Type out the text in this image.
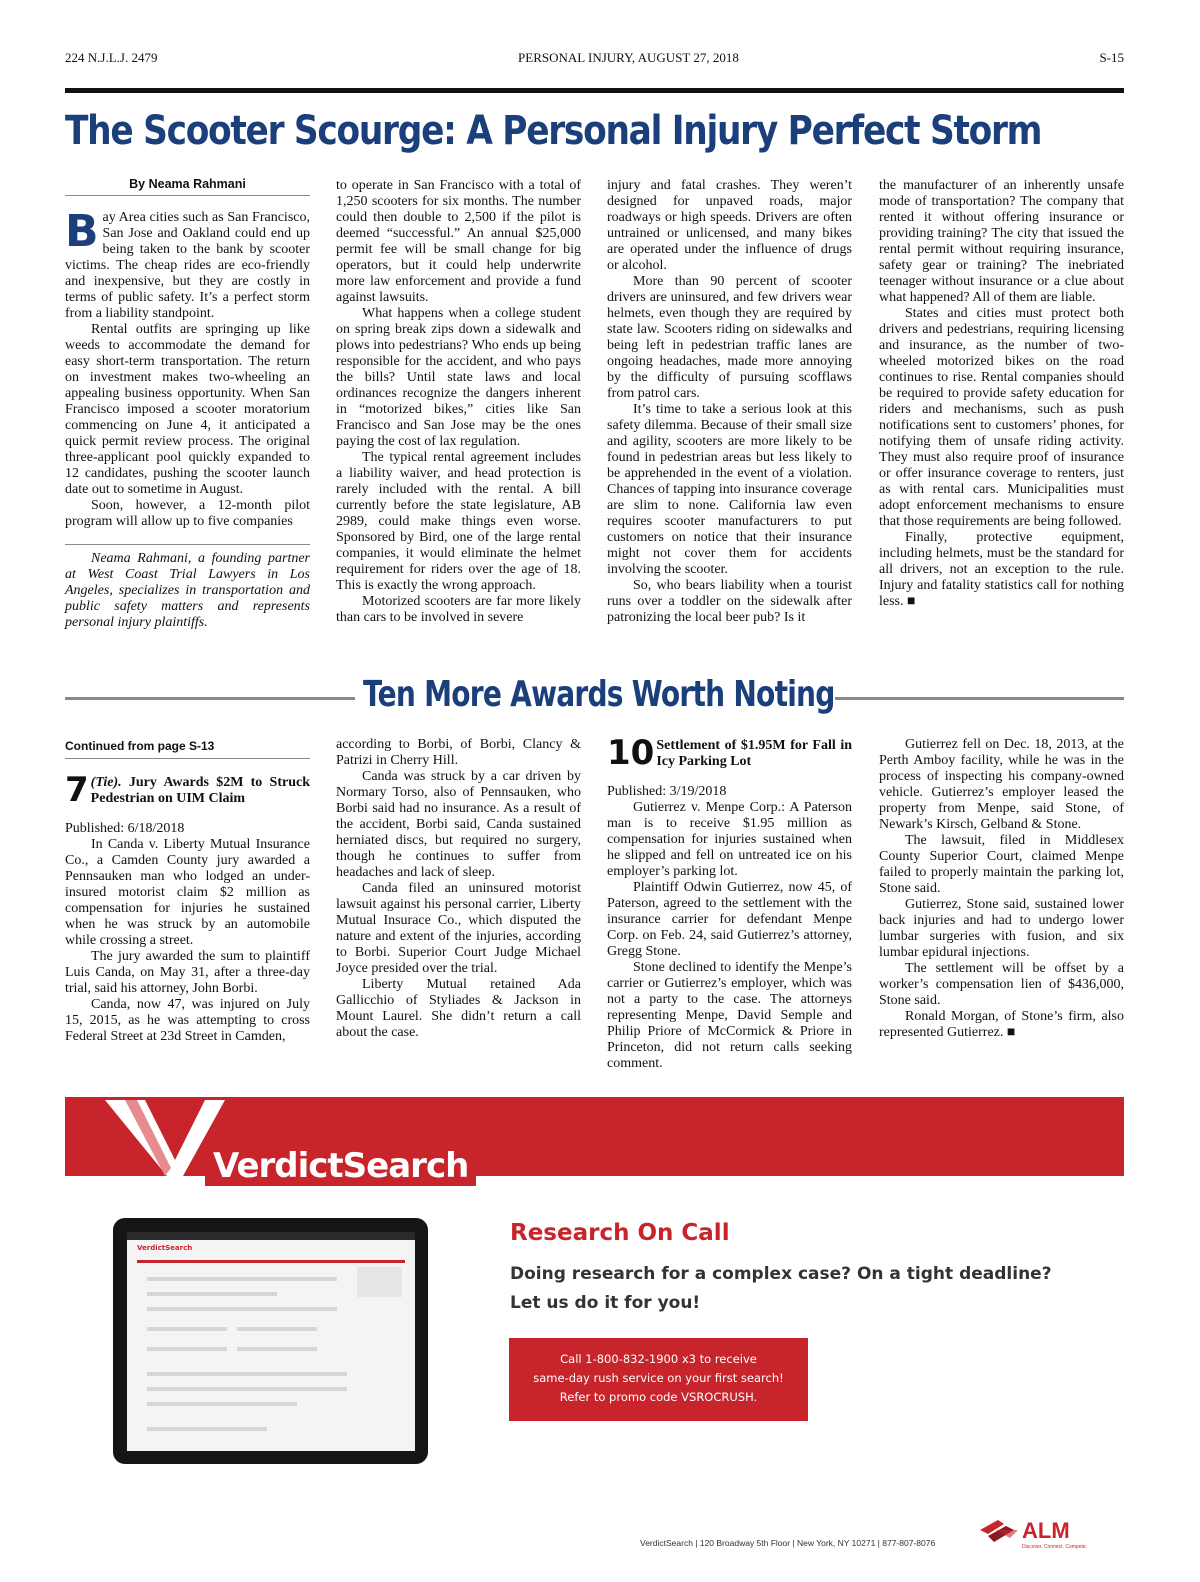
224 N.J.L.J. 2479	PERSONAL INJURY, AUGUST 27, 2018	S-15
The Scooter Scourge: A Personal Injury Perfect Storm
By Neama Rahmani
B ay Area cities such as San Francisco, San Jose and Oakland could end up being taken to the bank by scooter victims. The cheap rides are eco-friendly and inexpensive, but they are costly in terms of public safety. It’s a perfect storm from a liability standpoint.

Rental outfits are springing up like weeds to accommodate the demand for easy short-term transportation. The return on investment makes two-wheeling an appealing business opportunity. When San Francisco imposed a scooter moratorium commencing on June 4, it anticipated a quick permit review process. The original three-applicant pool quickly expanded to 12 candidates, pushing the scooter launch date out to sometime in August.

Soon, however, a 12-month pilot program will allow up to five companies

Neama Rahmani, a founding partner at West Coast Trial Lawyers in Los Angeles, specializes in transportation and public safety matters and represents personal injury plaintiffs.

to operate in San Francisco with a total of 1,250 scooters for six months. The number could then double to 2,500 if the pilot is deemed “successful.” An annual $25,000 permit fee will be small change for big operators, but it could help underwrite more law enforcement and provide a fund against lawsuits.

What happens when a college student on spring break zips down a sidewalk and plows into pedestrians? Who ends up being responsible for the accident, and who pays the bills? Until state laws and local ordinances recognize the dangers inherent in “motorized bikes,” cities like San Francisco and San Jose may be the ones paying the cost of lax regulation.

The typical rental agreement includes a liability waiver, and head protection is rarely included with the rental. A bill currently before the state legislature, AB 2989, could make things even worse. Sponsored by Bird, one of the large rental companies, it would eliminate the helmet requirement for riders over the age of 18. This is exactly the wrong approach.

Motorized scooters are far more likely than cars to be involved in severe

injury and fatal crashes. They weren’t designed for unpaved roads, major roadways or high speeds. Drivers are often untrained or unlicensed, and many bikes are operated under the influence of drugs or alcohol.

More than 90 percent of scooter drivers are uninsured, and few drivers wear helmets, even though they are required by state law. Scooters riding on sidewalks and being left in pedestrian traffic lanes are ongoing headaches, made more annoying by the difficulty of pursuing scofflaws from patrol cars.

It’s time to take a serious look at this safety dilemma. Because of their small size and agility, scooters are more likely to be found in pedestrian areas but less likely to be apprehended in the event of a violation. Chances of tapping into insurance coverage are slim to none. California law even requires scooter manufacturers to put customers on notice that their insurance might not cover them for accidents involving the scooter.

So, who bears liability when a tourist runs over a toddler on the sidewalk after patronizing the local beer pub? Is it

the manufacturer of an inherently unsafe mode of transportation? The company that rented it without offering insurance or providing training? The city that issued the rental permit without requiring insurance, safety gear or training? The inebriated teenager without insurance or a clue about what happened? All of them are liable.

States and cities must protect both drivers and pedestrians, requiring licensing and insurance, as the number of two-wheeled motorized bikes on the road continues to rise. Rental companies should be required to provide safety education for riders and mechanisms, such as push notifications sent to customers’ phones, for notifying them of unsafe riding activity. They must also require proof of insurance or offer insurance coverage to renters, just as with rental cars. Municipalities must adopt enforcement mechanisms to ensure that those requirements are being followed.

Finally, protective equipment, including helmets, must be the standard for all drivers, not an exception to the rule. Injury and fatality statistics call for nothing less. ■

Ten More Awards Worth Noting
Continued from page S-13
7 (Tie). Jury Awards $2M to Struck Pedestrian on UIM Claim

Published: 6/18/2018

In Canda v. Liberty Mutual Insurance Co., a Camden County jury awarded a Pennsauken man who lodged an under-insured motorist claim $2 million as compensation for injuries he sustained when he was struck by an automobile while crossing a street.

The jury awarded the sum to plaintiff Luis Canda, on May 31, after a three-day trial, said his attorney, John Borbi.

Canda, now 47, was injured on July 15, 2015, as he was attempting to cross Federal Street at 23d Street in Camden,

according to Borbi, of Borbi, Clancy & Patrizi in Cherry Hill.

Canda was struck by a car driven by Normary Torso, also of Pennsauken, who Borbi said had no insurance. As a result of the accident, Borbi said, Canda sustained herniated discs, but required no surgery, though he continues to suffer from headaches and lack of sleep.

Canda filed an uninsured motorist lawsuit against his personal carrier, Liberty Mutual Insurace Co., which disputed the nature and extent of the injuries, according to Borbi. Superior Court Judge Michael Joyce presided over the trial.

Liberty Mutual retained Ada Gallicchio of Styliades & Jackson in Mount Laurel. She didn’t return a call about the case.

10 Settlement of $1.95M for Fall in Icy Parking Lot

Published: 3/19/2018

Gutierrez v. Menpe Corp.: A Paterson man is to receive $1.95 million as compensation for injuries sustained when he slipped and fell on untreated ice on his employer’s parking lot.

Plaintiff Odwin Gutierrez, now 45, of Paterson, agreed to the settlement with the insurance carrier for defendant Menpe Corp. on Feb. 24, said Gutierrez’s attorney, Gregg Stone.

Stone declined to identify the Menpe’s carrier or Gutierrez’s employer, which was not a party to the case. The attorneys representing Menpe, David Semple and Philip Priore of McCormick & Priore in Princeton, did not return calls seeking comment.

Gutierrez fell on Dec. 18, 2013, at the Perth Amboy facility, while he was in the process of inspecting his company-owned vehicle. Gutierrez’s employer leased the property from Menpe, said Stone, of Newark’s Kirsch, Gelband & Stone.

The lawsuit, filed in Middlesex County Superior Court, claimed Menpe failed to properly maintain the parking lot, Stone said.

Gutierrez, Stone said, sustained lower back injuries and had to undergo lower lumbar surgeries with fusion, and six lumbar epidural injections.

The settlement will be offset by a worker’s compensation lien of $436,000, Stone said.

Ronald Morgan, of Stone’s firm, also represented Gutierrez. ■

VerdictSearch
VerdictSearch
Research On Call
Doing research for a complex case? On a tight deadline?
Let us do it for you!
Call 1-800-832-1900 x3 to receive
same-day rush service on your first search!
Refer to promo code VSROCRUSH.
VerdictSearch | 120 Broadway 5th Floor | New York, NY 10271 | 877-807-8076	ALM
Discover. Connect. Compete.
